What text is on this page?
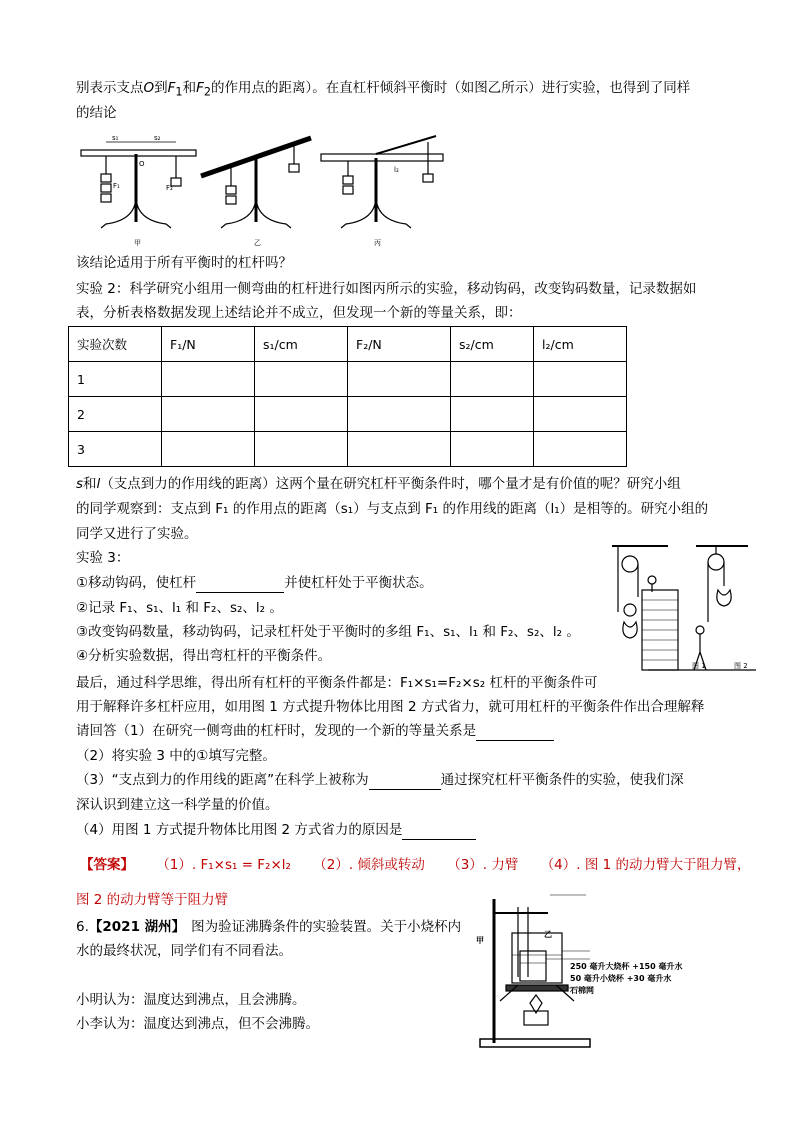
别表示支点O到$F_1$和$F_2$的作用点的距离）。在直杠杆倾斜平衡时（如图乙所示）进行实验，也得到了同样
的结论
s₁	s₂
O
F₁	F₂
甲	乙	丙
l₂
该结论适用于所有平衡时的杠杆吗？
实验 2：科学研究小组用一侧弯曲的杠杆进行如图丙所示的实验，移动钩码，改变钩码数量，记录数据如
表，分析表格数据发现上述结论并不成立，但发现一个新的等量关系，即：
实验次数	F₁/N	s₁/cm	F₂/N	s₂/cm	l₂/cm
1					
2					
3					
s和l（支点到力的作用线的距离）这两个量在研究杠杆平衡条件时，哪个量才是有价值的呢？研究小组
的同学观察到：支点到 F₁ 的作用点的距离（s₁）与支点到 F₁ 的作用线的距离（l₁）是相等的。研究小组的
同学又进行了实验。
实验 3：
①移动钩码，使杠杆	并使杠杆处于平衡状态。
②记录 F₁、s₁、l₁ 和 F₂、s₂、l₂ 。
③改变钩码数量，移动钩码，记录杠杆处于平衡时的多组 F₁、s₁、l₁ 和 F₂、s₂、l₂ 。
④分析实验数据，得出弯杠杆的平衡条件。
图 1	图 2
最后，通过科学思维，得出所有杠杆的平衡条件都是：F₁×s₁=F₂×s₂ 杠杆的平衡条件可
用于解释许多杠杆应用，如用图 1 方式提升物体比用图 2 方式省力，就可用杠杆的平衡条件作出合理解释
请回答（1）在研究一侧弯曲的杠杆时，发现的一个新的等量关系是
（2）将实验 3 中的①填写完整。
（3）“支点到力的作用线的距离”在科学上被称为	通过探究杠杆平衡条件的实验，使我们深
深认识到建立这一科学量的价值。
（4）用图 1 方式提升物体比用图 2 方式省力的原因是
【答案】 （1）. F₁×s₁ = F₂×l₂ （2）. 倾斜或转动 （3）. 力臂 （4）. 图 1 的动力臂大于阻力臂，
图 2 的动力臂等于阻力臂
6.【2021 湖州】 图为验证沸腾条件的实验装置。关于小烧杯内
水的最终状况，同学们有不同看法。
小明认为：温度达到沸点，且会沸腾。
小李认为：温度达到沸点，但不会沸腾。
甲
乙
250 毫升大烧杯 +150 毫升水
50 毫升小烧杯 +30 毫升水
石棉网
